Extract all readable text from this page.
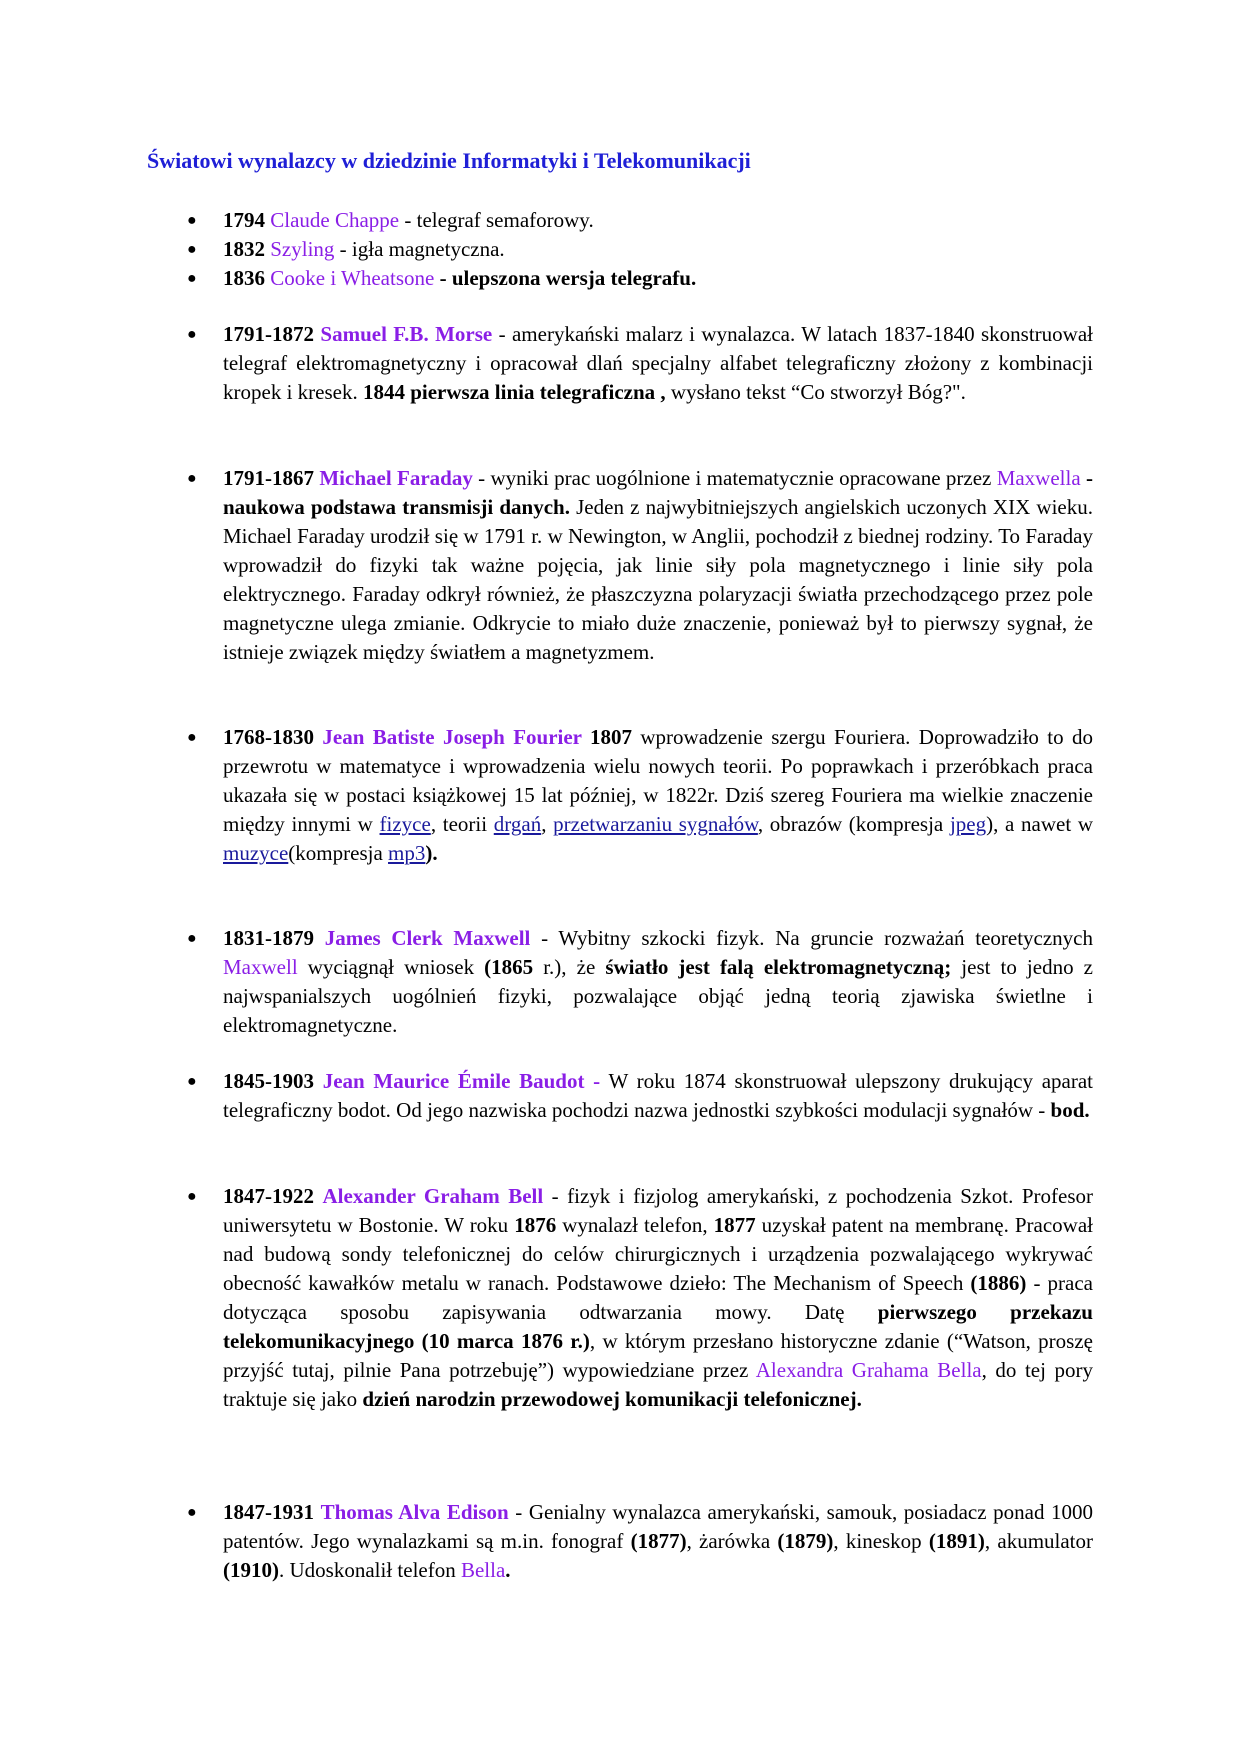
Światowi wynalazcy w dziedzinie Informatyki i Telekomunikacji
● 1794 Claude Chappe - telegraf semaforowy.
● 1832 Szyling - igła magnetyczna.
● 1836 Cooke i Wheatsone - ulepszona wersja telegrafu.
● 1791-1872 Samuel F.B. Morse - amerykański malarz i wynalazca. W latach 1837-1840 skonstruował telegraf elektromagnetyczny i opracował dlań specjalny alfabet telegraficzny złożony z kombinacji kropek i kresek. 1844 pierwsza linia telegraficzna , wysłano tekst “Co stworzył Bóg?".
● 1791-1867 Michael Faraday - wyniki prac uogólnione i matematycznie opracowane przez Maxwella - naukowa podstawa transmisji danych. Jeden z najwybitniejszych angielskich uczonych XIX wieku. Michael Faraday urodził się w 1791 r. w Newington, w Anglii, pochodził z biednej rodziny. To Faraday wprowadził do fizyki tak ważne pojęcia, jak linie siły pola magnetycznego i linie siły pola elektrycznego. Faraday odkrył również, że płaszczyzna polaryzacji światła przechodzącego przez pole magnetyczne ulega zmianie. Odkrycie to miało duże znaczenie, ponieważ był to pierwszy sygnał, że istnieje związek między światłem a magnetyzmem.
● 1768-1830 Jean Batiste Joseph Fourier 1807 wprowadzenie szergu Fouriera. Doprowadziło to do przewrotu w matematyce i wprowadzenia wielu nowych teorii. Po poprawkach i przeróbkach praca ukazała się w postaci książkowej 15 lat później, w 1822r. Dziś szereg Fouriera ma wielkie znaczenie między innymi w fizyce, teorii drgań, przetwarzaniu sygnałów, obrazów (kompresja jpeg), a nawet w muzyce(kompresja mp3).
● 1831-1879 James Clerk Maxwell - Wybitny szkocki fizyk. Na gruncie rozważań teoretycznych Maxwell wyciągnął wniosek (1865 r.), że światło jest falą elektromagnetyczną; jest to jedno z najwspanialszych uogólnień fizyki, pozwalające objąć jedną teorią zjawiska świetlne i elektromagnetyczne.
● 1845-1903 Jean Maurice Émile Baudot - W roku 1874 skonstruował ulepszony drukujący aparat telegraficzny bodot. Od jego nazwiska pochodzi nazwa jednostki szybkości modulacji sygnałów - bod.
● 1847-1922 Alexander Graham Bell - fizyk i fizjolog amerykański, z pochodzenia Szkot. Profesor uniwersytetu w Bostonie. W roku 1876 wynalazł telefon, 1877 uzyskał patent na membranę. Pracował nad budową sondy telefonicznej do celów chirurgicznych i urządzenia pozwalającego wykrywać obecność kawałków metalu w ranach. Podstawowe dzieło: The Mechanism of Speech (1886) - praca dotycząca sposobu zapisywania odtwarzania mowy. Datę pierwszego przekazu telekomunikacyjnego (10 marca 1876 r.), w którym przesłano historyczne zdanie (“Watson, proszę przyjść tutaj, pilnie Pana potrzebuję”) wypowiedziane przez Alexandra Grahama Bella, do tej pory traktuje się jako dzień narodzin przewodowej komunikacji telefonicznej.
● 1847-1931 Thomas Alva Edison - Genialny wynalazca amerykański, samouk, posiadacz ponad 1000 patentów. Jego wynalazkami są m.in. fonograf (1877), żarówka (1879), kineskop (1891), akumulator (1910). Udoskonalił telefon Bella.
